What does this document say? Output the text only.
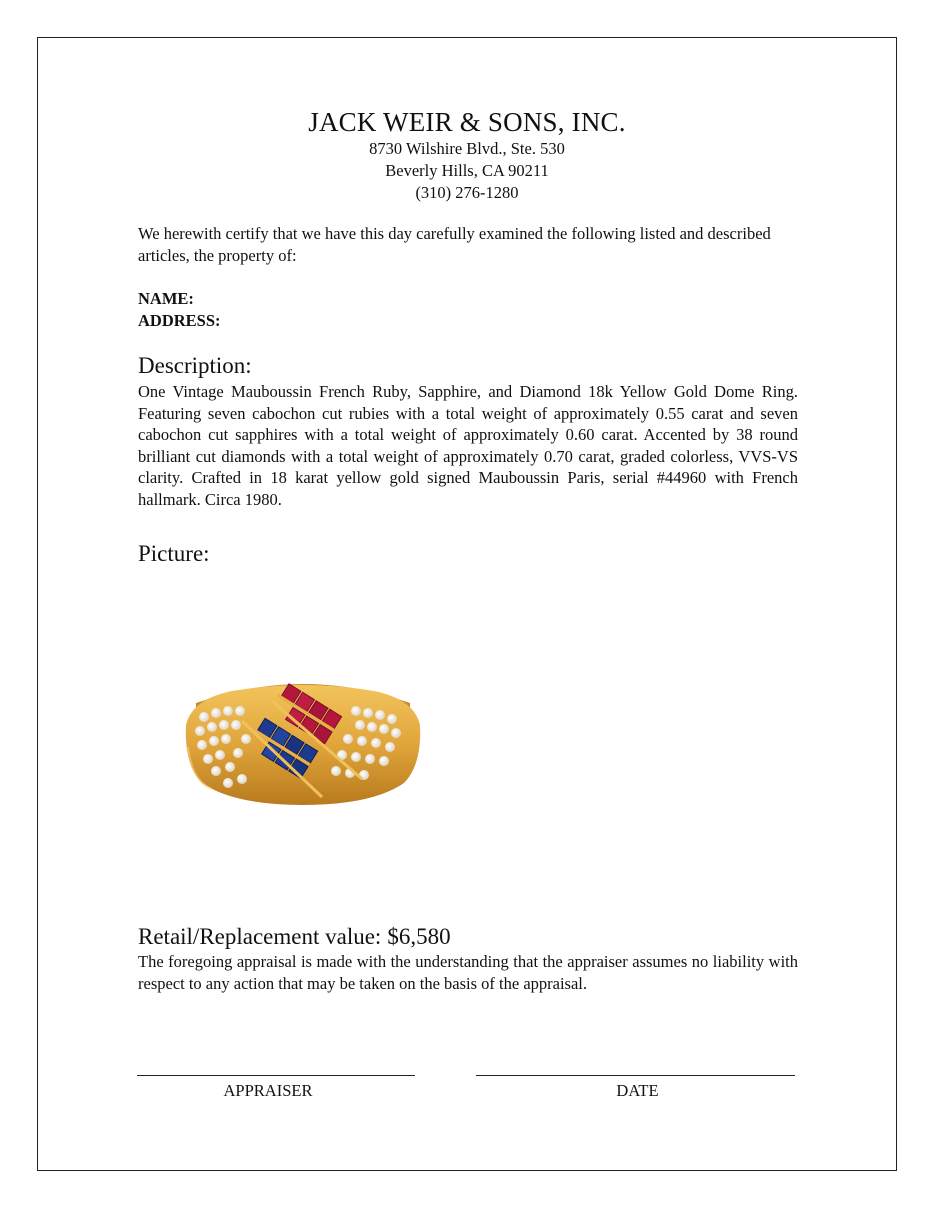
JACK WEIR & SONS, INC.
8730 Wilshire Blvd., Ste. 530
Beverly Hills, CA 90211
(310) 276-1280
We herewith certify that we have this day carefully examined the following listed and described articles, the property of:
NAME:
ADDRESS:
Description:
One Vintage Mauboussin French Ruby, Sapphire, and Diamond 18k Yellow Gold Dome Ring. Featuring seven cabochon cut rubies with a total weight of approximately 0.55 carat and seven cabochon cut sapphires with a total weight of approximately 0.60 carat. Accented by 38 round brilliant cut diamonds with a total weight of approximately 0.70 carat, graded colorless, VVS-VS clarity. Crafted in 18 karat yellow gold signed Mauboussin Paris, serial #44960 with French hallmark. Circa 1980.
Picture:
Retail/Replacement value: $6,580
The foregoing appraisal is made with the understanding that the appraiser assumes no liability with respect to any action that may be taken on the basis of the appraisal.
APPRAISER	DATE
